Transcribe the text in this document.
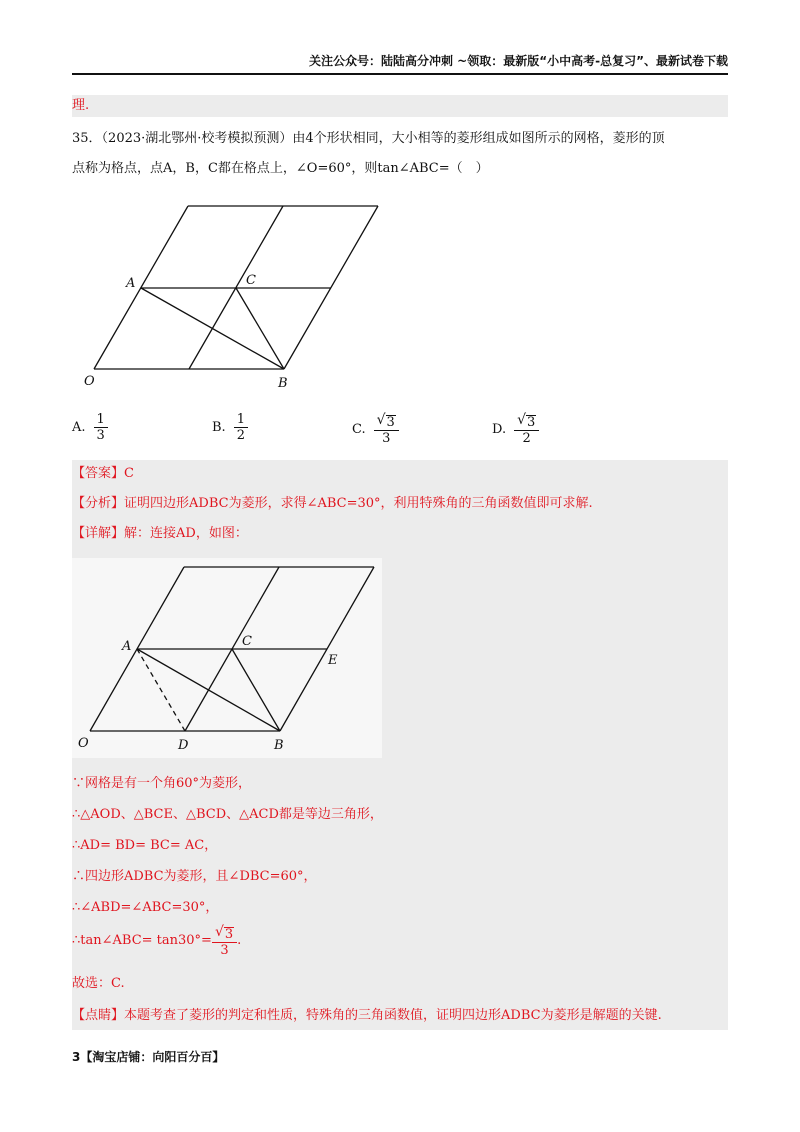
关注公众号：陆陆高分冲刺 ~领取：最新版“小中高考-总复习”、最新试卷下载
理.
35．（2023·湖北鄂州·校考模拟预测）由4个形状相同，大小相等的菱形组成如图所示的网格，菱形的顶
点称为格点，点A，B，C都在格点上，∠O=60°，则tan∠ABC=（　）
A	C
O	B
A. $\frac{1}{3}$	B. $\frac{1}{2}$	C. $\frac{√ 3}{3}$	D. $\frac{√ 3}{2}$
【答案】C
【分析】证明四边形ADBC为菱形，求得∠ABC=30°，利用特殊角的三角函数值即可求解.
【详解】解：连接AD，如图：
A	C
E
O	D	B
∵网格是有一个角60°为菱形，
∴△AOD、△BCE、△BCD、△ACD都是等边三角形，
∴AD= BD= BC= AC，
∴四边形ADBC为菱形，且∠DBC=60°，
∴∠ABD=∠ABC=30°，
∴tan∠ABC= $\tan 30^\circ= \frac{√ 3}{3}$ .
故选：C.
【点睛】本题考查了菱形的判定和性质，特殊角的三角函数值，证明四边形ADBC为菱形是解题的关键.
3【淘宝店铺：向阳百分百】
